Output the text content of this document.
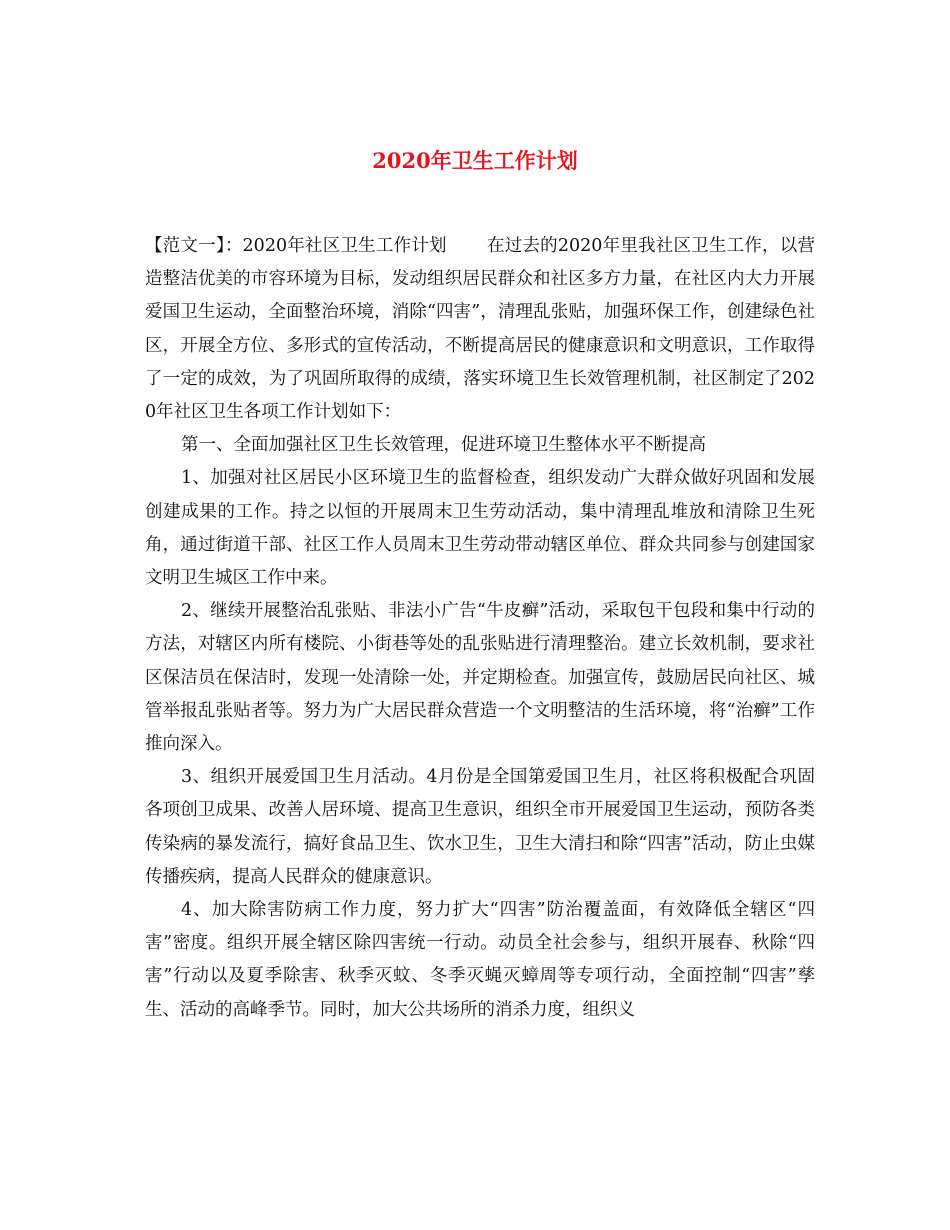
2020年卫生工作计划

【范文一】：2020年社区卫生工作计划 在过去的2020年里我社区卫生工作，以营造整洁优美的市容环境为目标，发动组织居民群众和社区多方力量，在社区内大力开展爱国卫生运动，全面整治环境，消除“四害”，清理乱张贴，加强环保工作，创建绿色社区，开展全方位、多形式的宣传活动，不断提高居民的健康意识和文明意识，工作取得了一定的成效，为了巩固所取得的成绩，落实环境卫生长效管理机制，社区制定了2020年社区卫生各项工作计划如下：

第一、全面加强社区卫生长效管理，促进环境卫生整体水平不断提高

1、加强对社区居民小区环境卫生的监督检查，组织发动广大群众做好巩固和发展创建成果的工作。持之以恒的开展周末卫生劳动活动，集中清理乱堆放和清除卫生死角，通过街道干部、社区工作人员周末卫生劳动带动辖区单位、群众共同参与创建国家文明卫生城区工作中来。

2、继续开展整治乱张贴、非法小广告“牛皮癣”活动，采取包干包段和集中行动的方法，对辖区内所有楼院、小街巷等处的乱张贴进行清理整治。建立长效机制，要求社区保洁员在保洁时，发现一处清除一处，并定期检查。加强宣传，鼓励居民向社区、城管举报乱张贴者等。努力为广大居民群众营造一个文明整洁的生活环境，将“治癣”工作推向深入。

3、组织开展爱国卫生月活动。4月份是全国第爱国卫生月，社区将积极配合巩固各项创卫成果、改善人居环境、提高卫生意识，组织全市开展爱国卫生运动，预防各类传染病的暴发流行，搞好食品卫生、饮水卫生，卫生大清扫和除“四害”活动，防止虫媒传播疾病，提高人民群众的健康意识。

4、加大除害防病工作力度，努力扩大“四害”防治覆盖面，有效降低全辖区“四害”密度。组织开展全辖区除四害统一行动。动员全社会参与，组织开展春、秋除“四害”行动以及夏季除害、秋季灭蚊、冬季灭蝇灭蟑周等专项行动，全面控制“四害”孳生、活动的高峰季节。同时，加大公共场所的消杀力度，组织义
